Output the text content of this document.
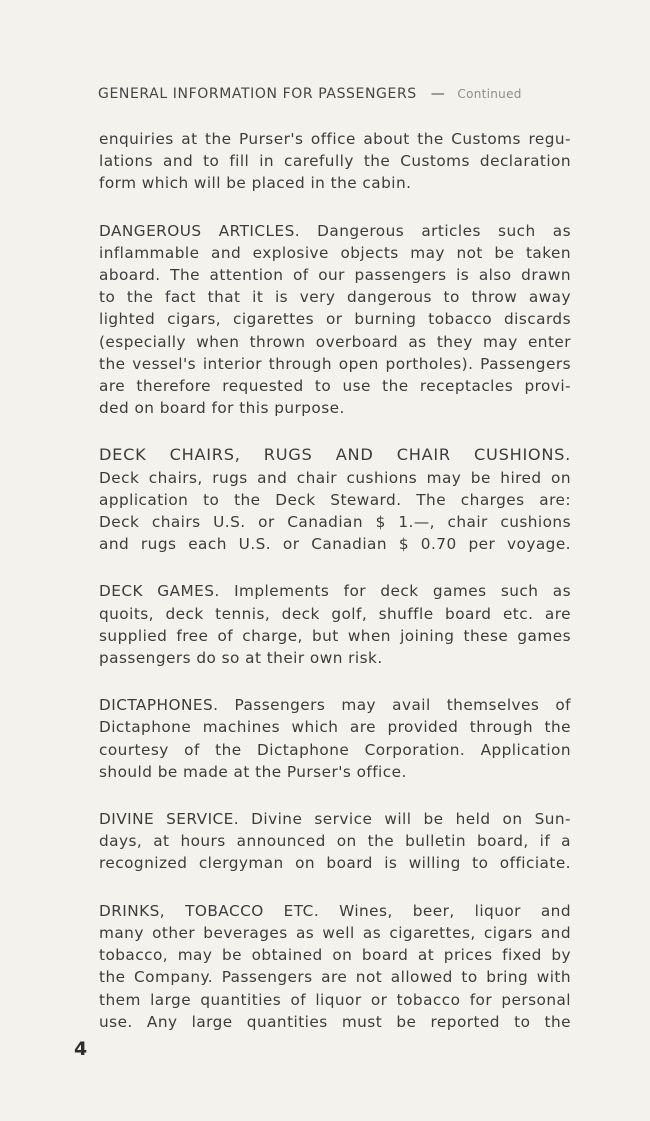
GENERAL INFORMATION FOR PASSENGERS — Continued
enquiries at the Purser's office about the Customs regu-
lations and to fill in carefully the Customs declaration
form which will be placed in the cabin.
DANGEROUS ARTICLES. Dangerous articles such as
inflammable and explosive objects may not be taken
aboard. The attention of our passengers is also drawn
to the fact that it is very dangerous to throw away
lighted cigars, cigarettes or burning tobacco discards
(especially when thrown overboard as they may enter
the vessel's interior through open portholes). Passengers
are therefore requested to use the receptacles provi-
ded on board for this purpose.
DECK CHAIRS, RUGS AND CHAIR CUSHIONS.
Deck chairs, rugs and chair cushions may be hired on
application to the Deck Steward. The charges are:
Deck chairs U.S. or Canadian $ 1.—, chair cushions
and rugs each U.S. or Canadian $ 0.70 per voyage.
DECK GAMES. Implements for deck games such as
quoits, deck tennis, deck golf, shuffle board etc. are
supplied free of charge, but when joining these games
passengers do so at their own risk.
DICTAPHONES. Passengers may avail themselves of
Dictaphone machines which are provided through the
courtesy of the Dictaphone Corporation. Application
should be made at the Purser's office.
DIVINE SERVICE. Divine service will be held on Sun-
days, at hours announced on the bulletin board, if a
recognized clergyman on board is willing to officiate.
DRINKS, TOBACCO ETC. Wines, beer, liquor and
many other beverages as well as cigarettes, cigars and
tobacco, may be obtained on board at prices fixed by
the Company. Passengers are not allowed to bring with
them large quantities of liquor or tobacco for personal
use. Any large quantities must be reported to the
4
